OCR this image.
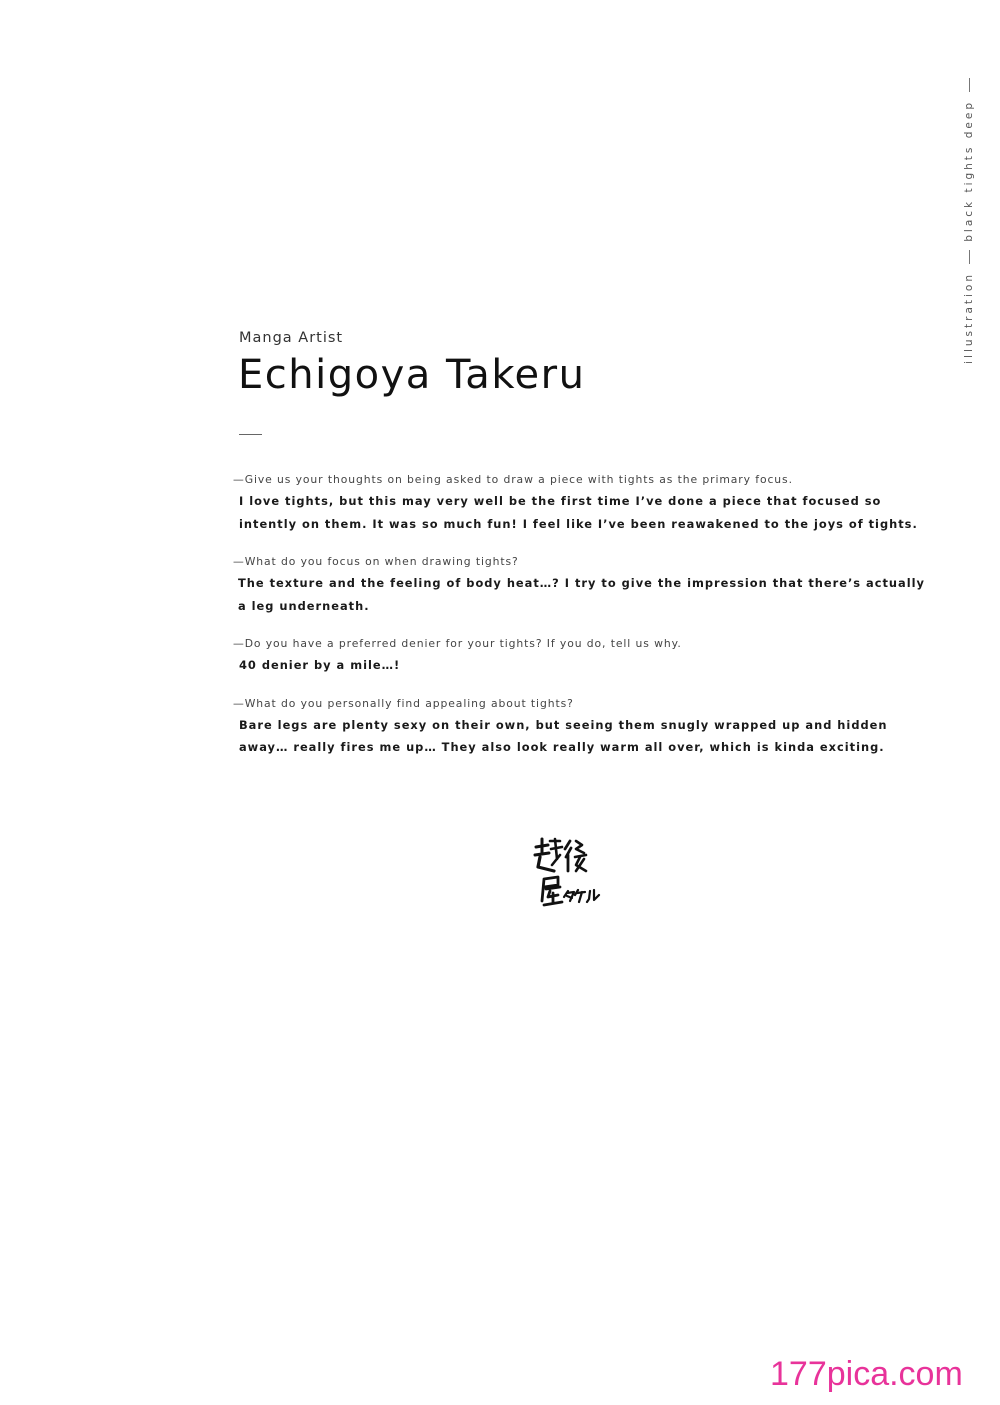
black tights deep
illustration
Manga Artist
Echigoya Takeru
—Give us your thoughts on being asked to draw a piece with tights as the primary focus.
I love tights, but this may very well be the first time I’ve done a piece that focused so
intently on them. It was so much fun! I feel like I’ve been reawakened to the joys of tights.
—What do you focus on when drawing tights?
The texture and the feeling of body heat…? I try to give the impression that there’s actually
a leg underneath.
—Do you have a preferred denier for your tights? If you do, tell us why.
40 denier by a mile…!
—What do you personally find appealing about tights?
Bare legs are plenty sexy on their own, but seeing them snugly wrapped up and hidden
away… really fires me up… They also look really warm all over, which is kinda exciting.
177pica.com
